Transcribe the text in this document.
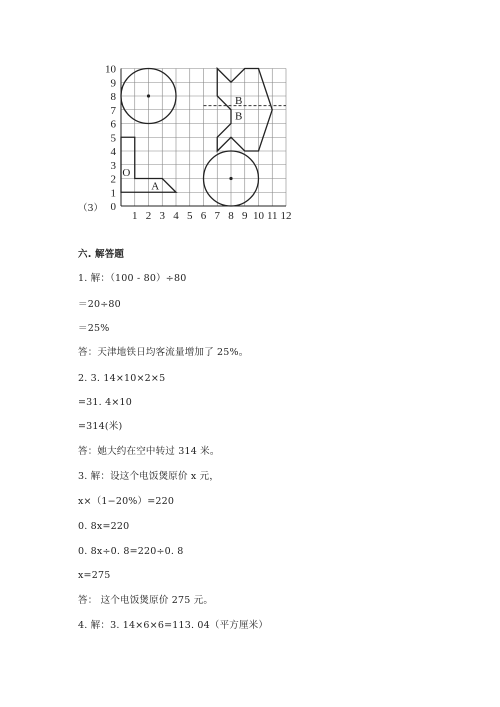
1 2 3 4 5 6 7 8 9 10 11 12
0
1
2
3
4
5
6
7
8
9
10
B
B
O
A
（3）
六. 解答题
1. 解：（100 - 80）÷80
＝20÷80
＝25%
答：天津地铁日均客流量增加了 25%。
2. 3. 14×10×2×5
=31. 4×10
=314(米)
答：她大约在空中转过 314 米。
3. 解：设这个电饭煲原价 x 元，
x×（1−20%）=220
0. 8x=220
0. 8x÷0. 8=220÷0. 8
x=275
答： 这个电饭煲原价 275 元。
4. 解：3. 14×6×6=113. 04（平方厘米）
